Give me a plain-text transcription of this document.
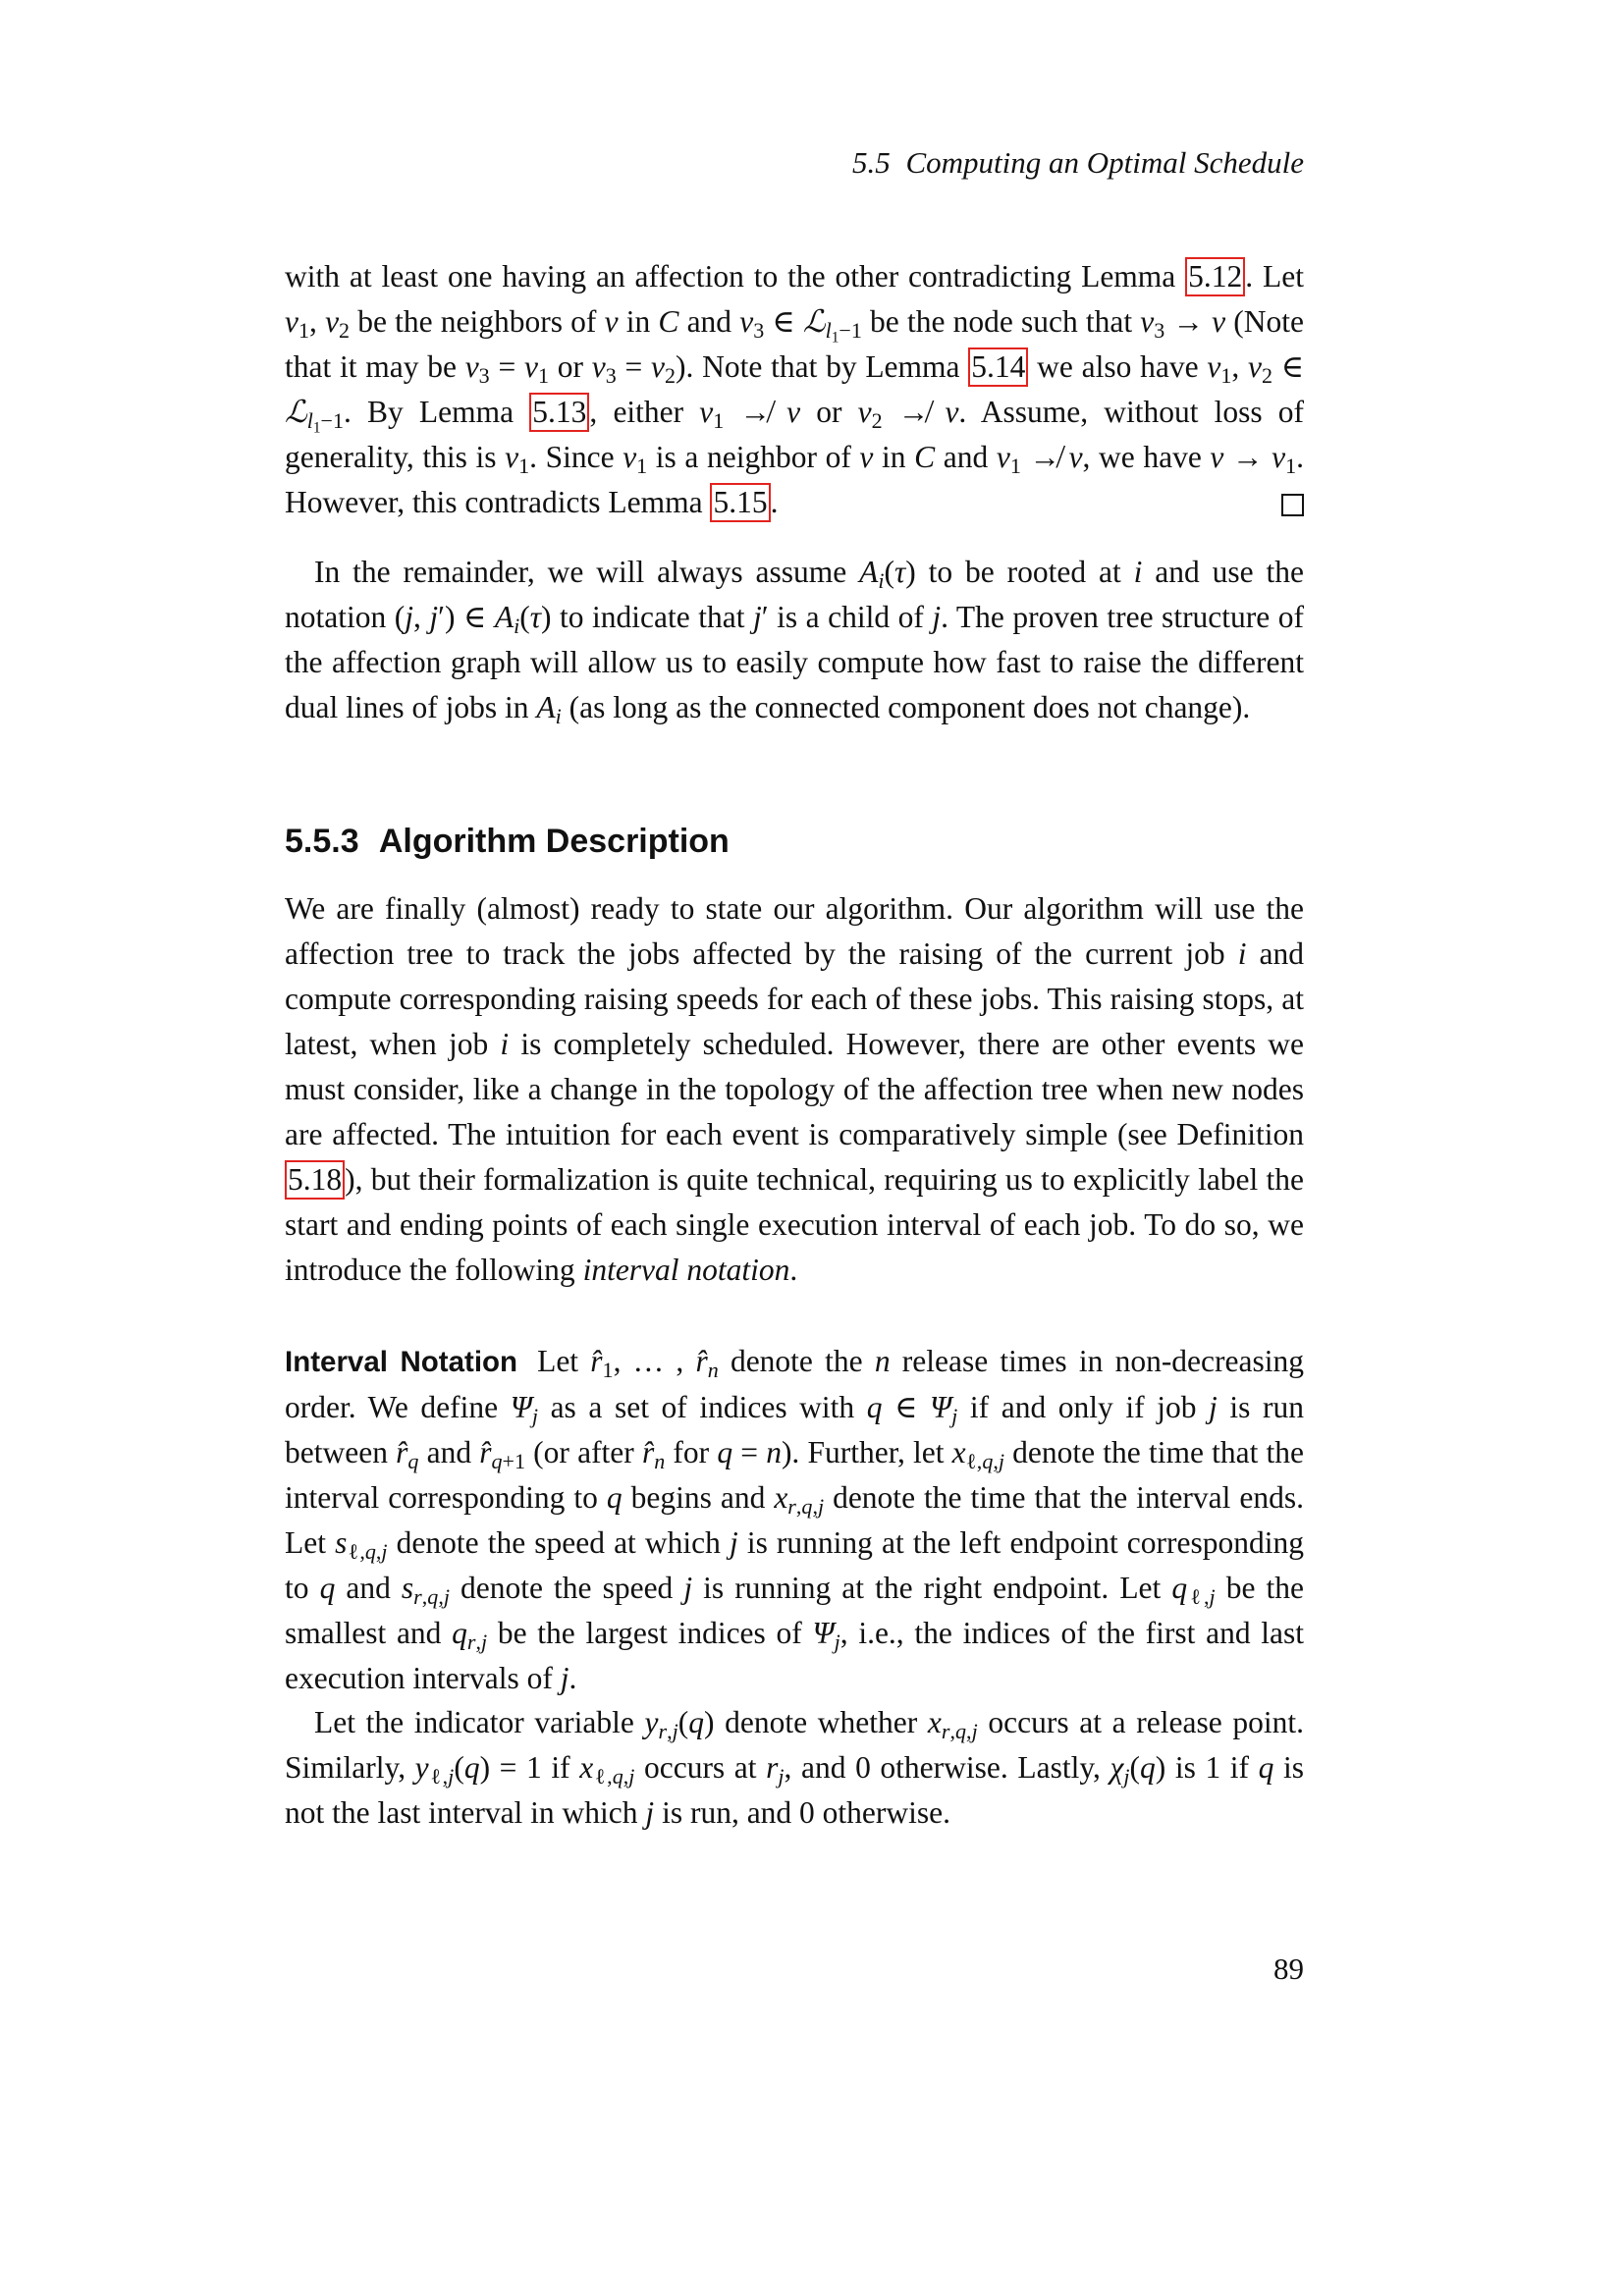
5.5 Computing an Optimal Schedule

with at least one having an affection to the other contradicting Lemma 5.12. Let $v_1$, $v_2$ be the neighbors of v in C and $v_3$ ∈ ℒ$_{l_1-1}$ be the node such that $v_3 \to v$ (Note that it may be $v_3 = v_1$ or $v_3 = v_2$). Note that by Lemma 5.14 we also have $v_1$, $v_2$ ∈ ℒ$_{l_1-1}$. By Lemma 5.13, either $v_1$ ↛ v or $v_2$ ↛ v. Assume, without loss of generality, this is $v_1$. Since $v_1$ is a neighbor of v in C and $v_1$ ↛ v, we have $v \to v_1$. However, this contradicts Lemma 5.15.

In the remainder, we will always assume $A_i(\tau)$ to be rooted at i and use the notation (j, j′) ∈ $A_i(\tau)$ to indicate that j′ is a child of j. The proven tree structure of the affection graph will allow us to easily compute how fast to raise the different dual lines of jobs in $A_i$ (as long as the connected component does not change).

5.5.3 Algorithm Description

We are finally (almost) ready to state our algorithm. Our algorithm will use the affection tree to track the jobs affected by the raising of the current job i and compute corresponding raising speeds for each of these jobs. This raising stops, at latest, when job i is completely scheduled. However, there are other events we must consider, like a change in the topology of the affection tree when new nodes are affected. The intuition for each event is comparatively simple (see Definition 5.18), but their formalization is quite technical, requiring us to explicitly label the start and ending points of each single execution interval of each job. To do so, we introduce the following interval notation.

Interval Notation Let $r̂_1$, … , $r̂_n$ denote the n release times in non-decreasing order. We define $\Psi_j$ as a set of indices with q ∈ $\Psi_j$ if and only if job j is run between $r̂_q$ and $r̂_{q+1}$ (or after $r̂_n$ for q = n). Further, let $x_{\ell,q,j}$ denote the time that the interval corresponding to q begins and $x_{r,q,j}$ denote the time that the interval ends. Let $s_{\ell,q,j}$ denote the speed at which j is running at the left endpoint corresponding to q and $s_{r,q,j}$ denote the speed j is running at the right endpoint. Let $q_{\ell,j}$ be the smallest and $q_{r,j}$ be the largest indices of $\Psi_j$, i.e., the indices of the first and last execution intervals of j.

Let the indicator variable $y_{r,j}(q)$ denote whether $x_{r,q,j}$ occurs at a release point. Similarly, $y_{\ell,j}(q) = 1$ if $x_{\ell,q,j}$ occurs at $r_j$, and 0 otherwise. Lastly, $\chi_j(q)$ is 1 if q is not the last interval in which j is run, and 0 otherwise.

89
